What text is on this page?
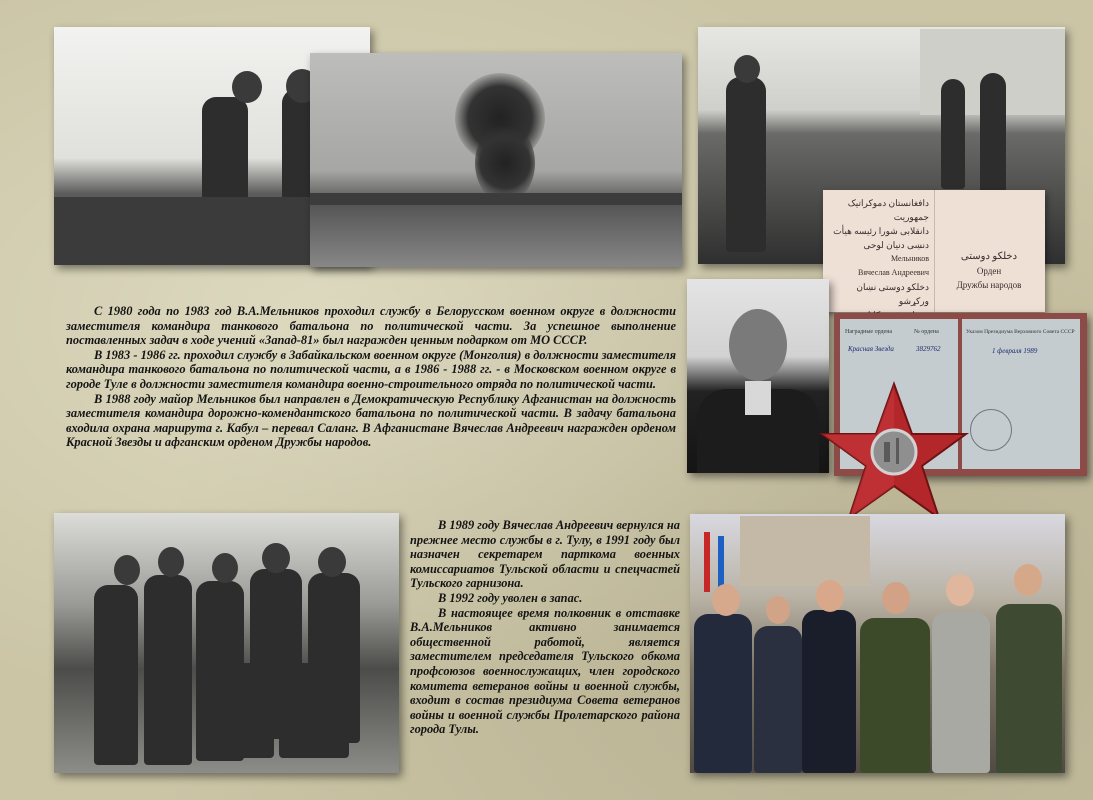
دافغانستان دموکراتیک جمهوریت
دانقلابی شورا رئیسه هیأت
دنښی دنیان لوحی
Мельников
Вячеслав Андреевич
دخلکو دوستی نښان ورکړشو
دخلکو دوستی
Орден
Дружбы народов
Наградные ордена	№ ордена
Красная Звезда	3829762
Указом Президиума Верховного Совета СССР
1 февраля 1989

С 1980 года по 1983 год В.А.Мельников проходил службу в Белорусском военном округе в должности заместителя командира танкового батальона по политической части. За успешное выполнение поставленных задач в ходе учений «Запад-81» был награжден ценным подарком от МО СССР.

В 1983 - 1986 гг. проходил службу в Забайкальском военном округе (Монголия) в должности заместителя командира танкового батальона по политической части, а в 1986 - 1988 гг. - в Московском военном округе в городе Туле в должности заместителя командира военно-строительного отряда по политической части.

В 1988 году майор Мельников был направлен в Демократическую Республику Афганистан на должность заместителя командира дорожно-комендантского батальона по политической части. В задачу батальона входила охрана маршрута г. Кабул – перевал Саланг. В Афганистане Вячеслав Андреевич награжден орденом Красной Звезды и афганским орденом Дружбы народов.

В 1989 году Вячеслав Андреевич вернулся на прежнее место службы в г. Тулу, в 1991 году был назначен секретарем парткома военных комиссариатов Тульской области и спецчастей Тульского гарнизона.

В 1992 году уволен в запас.

В настоящее время полковник в отставке В.А.Мельников активно занимается общественной работой, является заместителем председателя Тульского обкома профсоюзов военнослужащих, член городского комитета ветеранов войны и военной службы, входит в состав президиума Совета ветеранов войны и военной службы Пролетарского района города Тулы.
